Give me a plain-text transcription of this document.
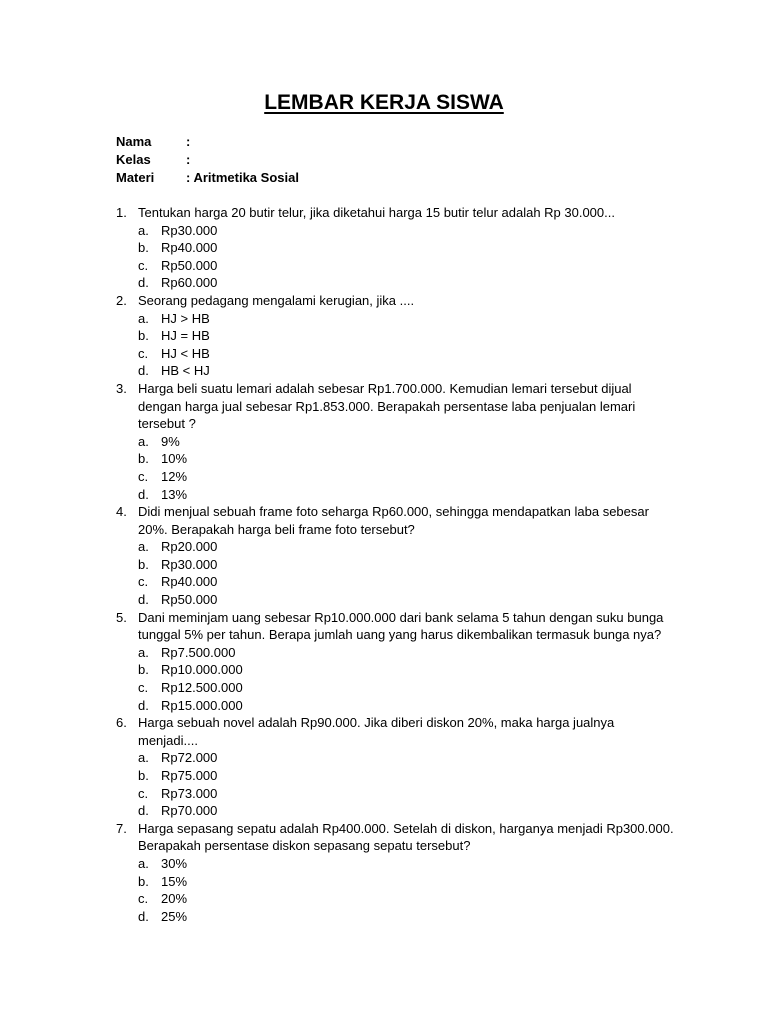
LEMBAR KERJA SISWA
Nama	:
Kelas	:
Materi	: Aritmetika Sosial
1. Tentukan harga 20 butir telur, jika diketahui harga 15 butir telur adalah Rp 30.000...
a. Rp30.000
b. Rp40.000
c. Rp50.000
d. Rp60.000
2. Seorang pedagang mengalami kerugian, jika ....
a. HJ > HB
b. HJ = HB
c. HJ < HB
d. HB < HJ
3. Harga beli suatu lemari adalah sebesar Rp1.700.000. Kemudian lemari tersebut dijual dengan harga jual sebesar Rp1.853.000. Berapakah persentase laba penjualan lemari tersebut ?
a. 9%
b. 10%
c. 12%
d. 13%
4. Didi menjual sebuah frame foto seharga Rp60.000, sehingga mendapatkan laba sebesar 20%. Berapakah harga beli frame foto tersebut?
a. Rp20.000
b. Rp30.000
c. Rp40.000
d. Rp50.000
5. Dani meminjam uang sebesar Rp10.000.000 dari bank selama 5 tahun dengan suku bunga tunggal 5% per tahun. Berapa jumlah uang yang harus dikembalikan termasuk bunga nya?
a. Rp7.500.000
b. Rp10.000.000
c. Rp12.500.000
d. Rp15.000.000
6. Harga sebuah novel adalah Rp90.000. Jika diberi diskon 20%, maka harga jualnya menjadi....
a. Rp72.000
b. Rp75.000
c. Rp73.000
d. Rp70.000
7. Harga sepasang sepatu adalah Rp400.000. Setelah di diskon, harganya menjadi Rp300.000. Berapakah persentase diskon sepasang sepatu tersebut?
a. 30%
b. 15%
c. 20%
d. 25%
